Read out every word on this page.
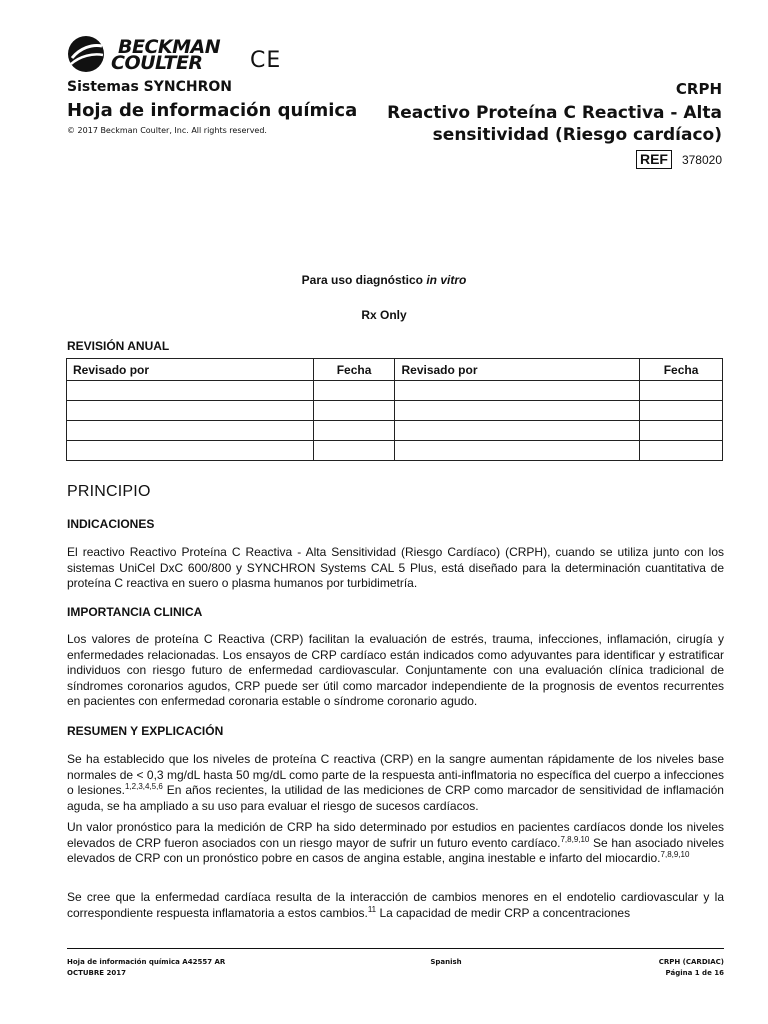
BECKMAN
COULTER CE
Sistemas SYNCHRON
Hoja de información química
© 2017 Beckman Coulter, Inc. All rights reserved.
CRPH
Reactivo Proteína C Reactiva - Alta
sensitividad (Riesgo cardíaco)
REF	378020
Para uso diagnóstico in vitro
Rx Only
REVISIÓN ANUAL
Revisado por	Fecha	Revisado por	Fecha

PRINCIPIO
INDICACIONES
El reactivo Reactivo Proteína C Reactiva - Alta Sensitividad (Riesgo Cardíaco) (CRPH), cuando se utiliza junto con los sistemas UniCel DxC 600/800 y SYNCHRON Systems CAL 5 Plus, está diseñado para la determinación cuantitativa de proteína C reactiva en suero o plasma humanos por turbidimetría.
IMPORTANCIA CLINICA
Los valores de proteína C Reactiva (CRP) facilitan la evaluación de estrés, trauma, infecciones, inflamación, cirugía y enfermedades relacionadas. Los ensayos de CRP cardíaco están indicados como adyuvantes para identificar y estratificar individuos con riesgo futuro de enfermedad cardiovascular. Conjuntamente con una evaluación clínica tradicional de síndromes coronarios agudos, CRP puede ser útil como marcador independiente de la prognosis de eventos recurrentes en pacientes con enfermedad coronaria estable o síndrome coronario agudo.
RESUMEN Y EXPLICACIÓN
Se ha establecido que los niveles de proteína C reactiva (CRP) en la sangre aumentan rápidamente de los niveles base normales de < 0,3 mg/dL hasta 50 mg/dL como parte de la respuesta anti-inflmatoria no específica del cuerpo a infecciones o lesiones.$^{1,2,3,4,5,6}$ En años recientes, la utilidad de las mediciones de CRP como marcador de sensitividad de inflamación aguda, se ha ampliado a su uso para evaluar el riesgo de sucesos cardíacos.
Un valor pronóstico para la medición de CRP ha sido determinado por estudios en pacientes cardíacos donde los niveles elevados de CRP fueron asociados con un riesgo mayor de sufrir un futuro evento cardíaco.$^{7,8,9,10}$ Se han asociado niveles elevados de CRP con un pronóstico pobre en casos de angina estable, angina inestable e infarto del miocardio.$^{7,8,9,10}$
Se cree que la enfermedad cardíaca resulta de la interacción de cambios menores en el endotelio cardiovascular y la correspondiente respuesta inflamatoria a estos cambios.$^{11}$ La capacidad de medir CRP a concentraciones
Hoja de información química A42557 AR
OCTUBRE 2017
Spanish	CRPH (CARDIAC)
Página 1 de 16
